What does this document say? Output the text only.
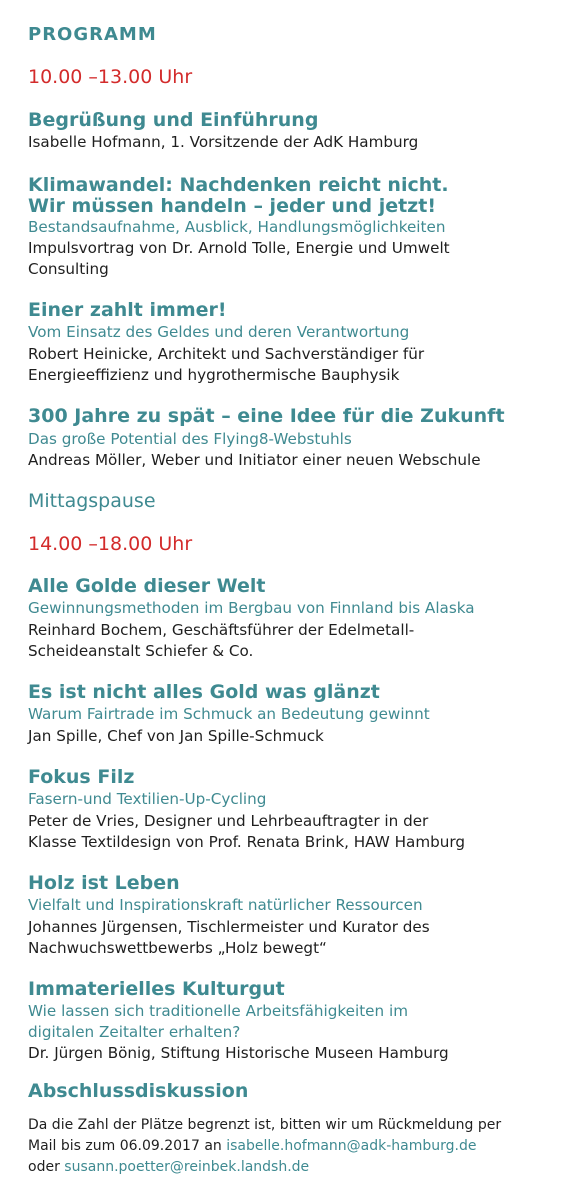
PROGRAMM
10.00 –13.00 Uhr
Begrüßung und Einführung
Isabelle Hofmann, 1. Vorsitzende der AdK Hamburg
Klimawandel: Nachdenken reicht nicht.
Wir müssen handeln – jeder und jetzt!
Bestandsaufnahme, Ausblick, Handlungsmöglichkeiten
Impulsvortrag von Dr. Arnold Tolle, Energie und Umwelt
Consulting
Einer zahlt immer!
Vom Einsatz des Geldes und deren Verantwortung
Robert Heinicke, Architekt und Sachverständiger für
Energieeffizienz und hygrothermische Bauphysik
300 Jahre zu spät – eine Idee für die Zukunft
Das große Potential des Flying8-Webstuhls
Andreas Möller, Weber und Initiator einer neuen Webschule
Mittagspause
14.00 –18.00 Uhr
Alle Golde dieser Welt
Gewinnungsmethoden im Bergbau von Finnland bis Alaska
Reinhard Bochem, Geschäftsführer der Edelmetall-
Scheideanstalt Schiefer & Co.
Es ist nicht alles Gold was glänzt
Warum Fairtrade im Schmuck an Bedeutung gewinnt
Jan Spille, Chef von Jan Spille-Schmuck
Fokus Filz
Fasern-und Textilien-Up-Cycling
Peter de Vries, Designer und Lehrbeauftragter in der
Klasse Textildesign von Prof. Renata Brink, HAW Hamburg
Holz ist Leben
Vielfalt und Inspirationskraft natürlicher Ressourcen
Johannes Jürgensen, Tischlermeister und Kurator des
Nachwuchswettbewerbs „Holz bewegt“
Immaterielles Kulturgut
Wie lassen sich traditionelle Arbeitsfähigkeiten im
digitalen Zeitalter erhalten?
Dr. Jürgen Bönig, Stiftung Historische Museen Hamburg
Abschlussdiskussion
Da die Zahl der Plätze begrenzt ist, bitten wir um Rückmeldung per
Mail bis zum 06.09.2017 an isabelle.hofmann@adk-hamburg.de
oder susann.poetter@reinbek.landsh.de
